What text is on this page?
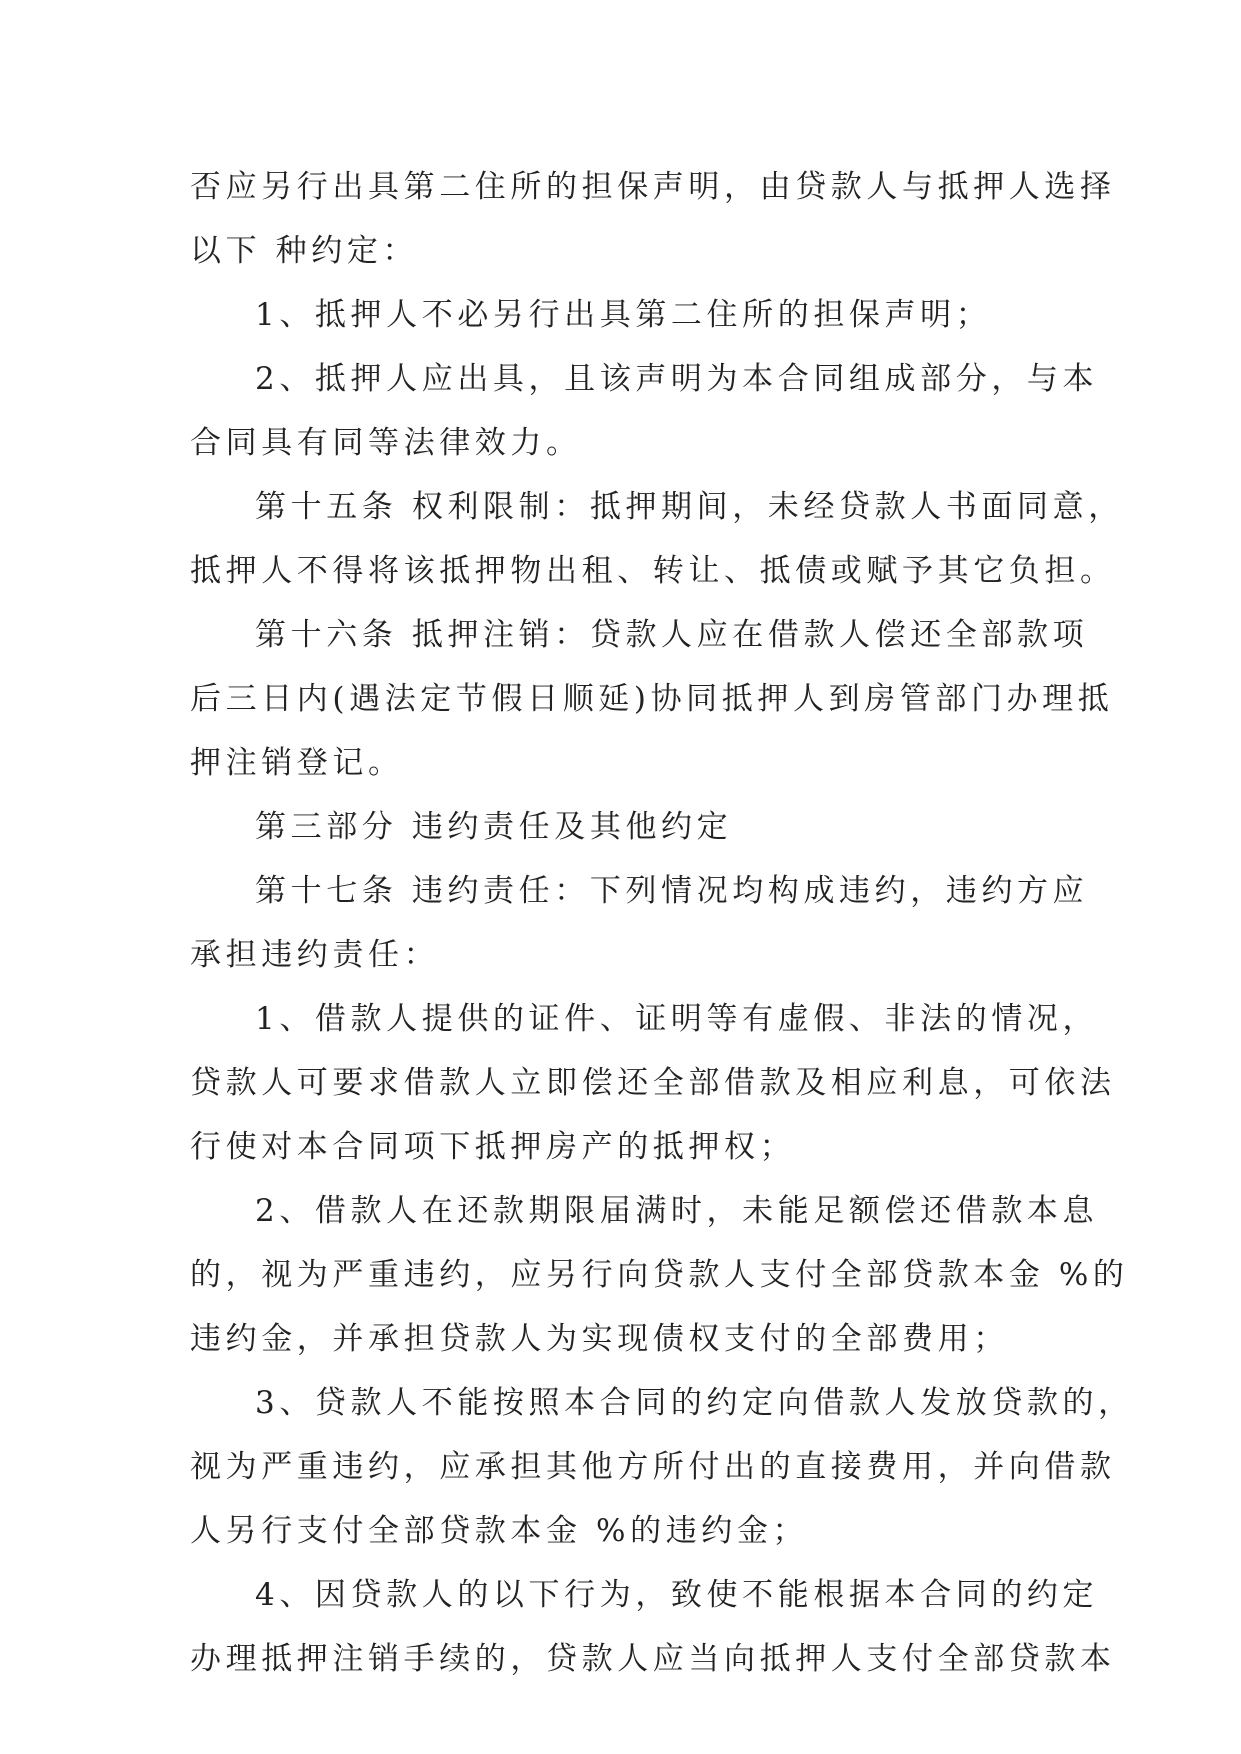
否应另行出具第二住所的担保声明，由贷款人与抵押人选择

以下 种约定：

1、抵押人不必另行出具第二住所的担保声明；

2、抵押人应出具，且该声明为本合同组成部分，与本

合同具有同等法律效力。

第十五条 权利限制：抵押期间，未经贷款人书面同意，

抵押人不得将该抵押物出租、转让、抵债或赋予其它负担。

第十六条 抵押注销：贷款人应在借款人偿还全部款项

后三日内(遇法定节假日顺延)协同抵押人到房管部门办理抵

押注销登记。

第三部分 违约责任及其他约定

第十七条 违约责任：下列情况均构成违约，违约方应

承担违约责任：

1、借款人提供的证件、证明等有虚假、非法的情况，

贷款人可要求借款人立即偿还全部借款及相应利息，可依法

行使对本合同项下抵押房产的抵押权；

2、借款人在还款期限届满时，未能足额偿还借款本息

的，视为严重违约，应另行向贷款人支付全部贷款本金 %的

违约金，并承担贷款人为实现债权支付的全部费用；

3、贷款人不能按照本合同的约定向借款人发放贷款的，

视为严重违约，应承担其他方所付出的直接费用，并向借款

人另行支付全部贷款本金 %的违约金；

4、因贷款人的以下行为，致使不能根据本合同的约定

办理抵押注销手续的，贷款人应当向抵押人支付全部贷款本
